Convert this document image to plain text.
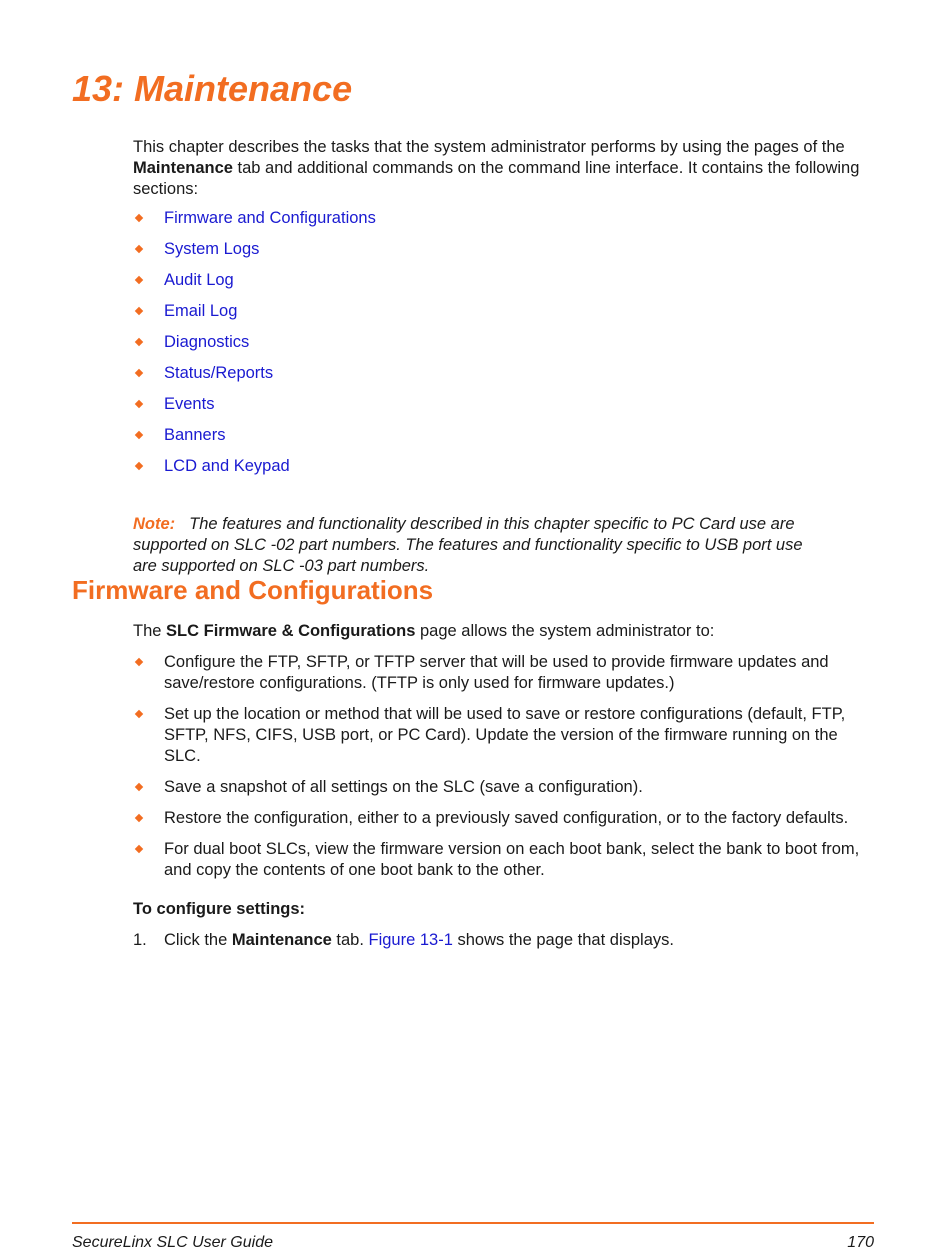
13: Maintenance

This chapter describes the tasks that the system administrator performs by using the pages of the Maintenance tab and additional commands on the command line interface. It contains the following sections:

Firmware and Configurations
System Logs
Audit Log
Email Log
Diagnostics
Status/Reports
Events
Banners
LCD and Keypad

Note: The features and functionality described in this chapter specific to PC Card use are supported on SLC -02 part numbers. The features and functionality specific to USB port use are supported on SLC -03 part numbers.

Firmware and Configurations

The SLC Firmware & Configurations page allows the system administrator to:

Configure the FTP, SFTP, or TFTP server that will be used to provide firmware updates and save/restore configurations. (TFTP is only used for firmware updates.)
Set up the location or method that will be used to save or restore configurations (default, FTP, SFTP, NFS, CIFS, USB port, or PC Card). Update the version of the firmware running on the SLC.
Save a snapshot of all settings on the SLC (save a configuration).
Restore the configuration, either to a previously saved configuration, or to the factory defaults.
For dual boot SLCs, view the firmware version on each boot bank, select the bank to boot from, and copy the contents of one boot bank to the other.

To configure settings:

1. Click the Maintenance tab. Figure 13-1 shows the page that displays.

SecureLinx SLC User Guide	170
